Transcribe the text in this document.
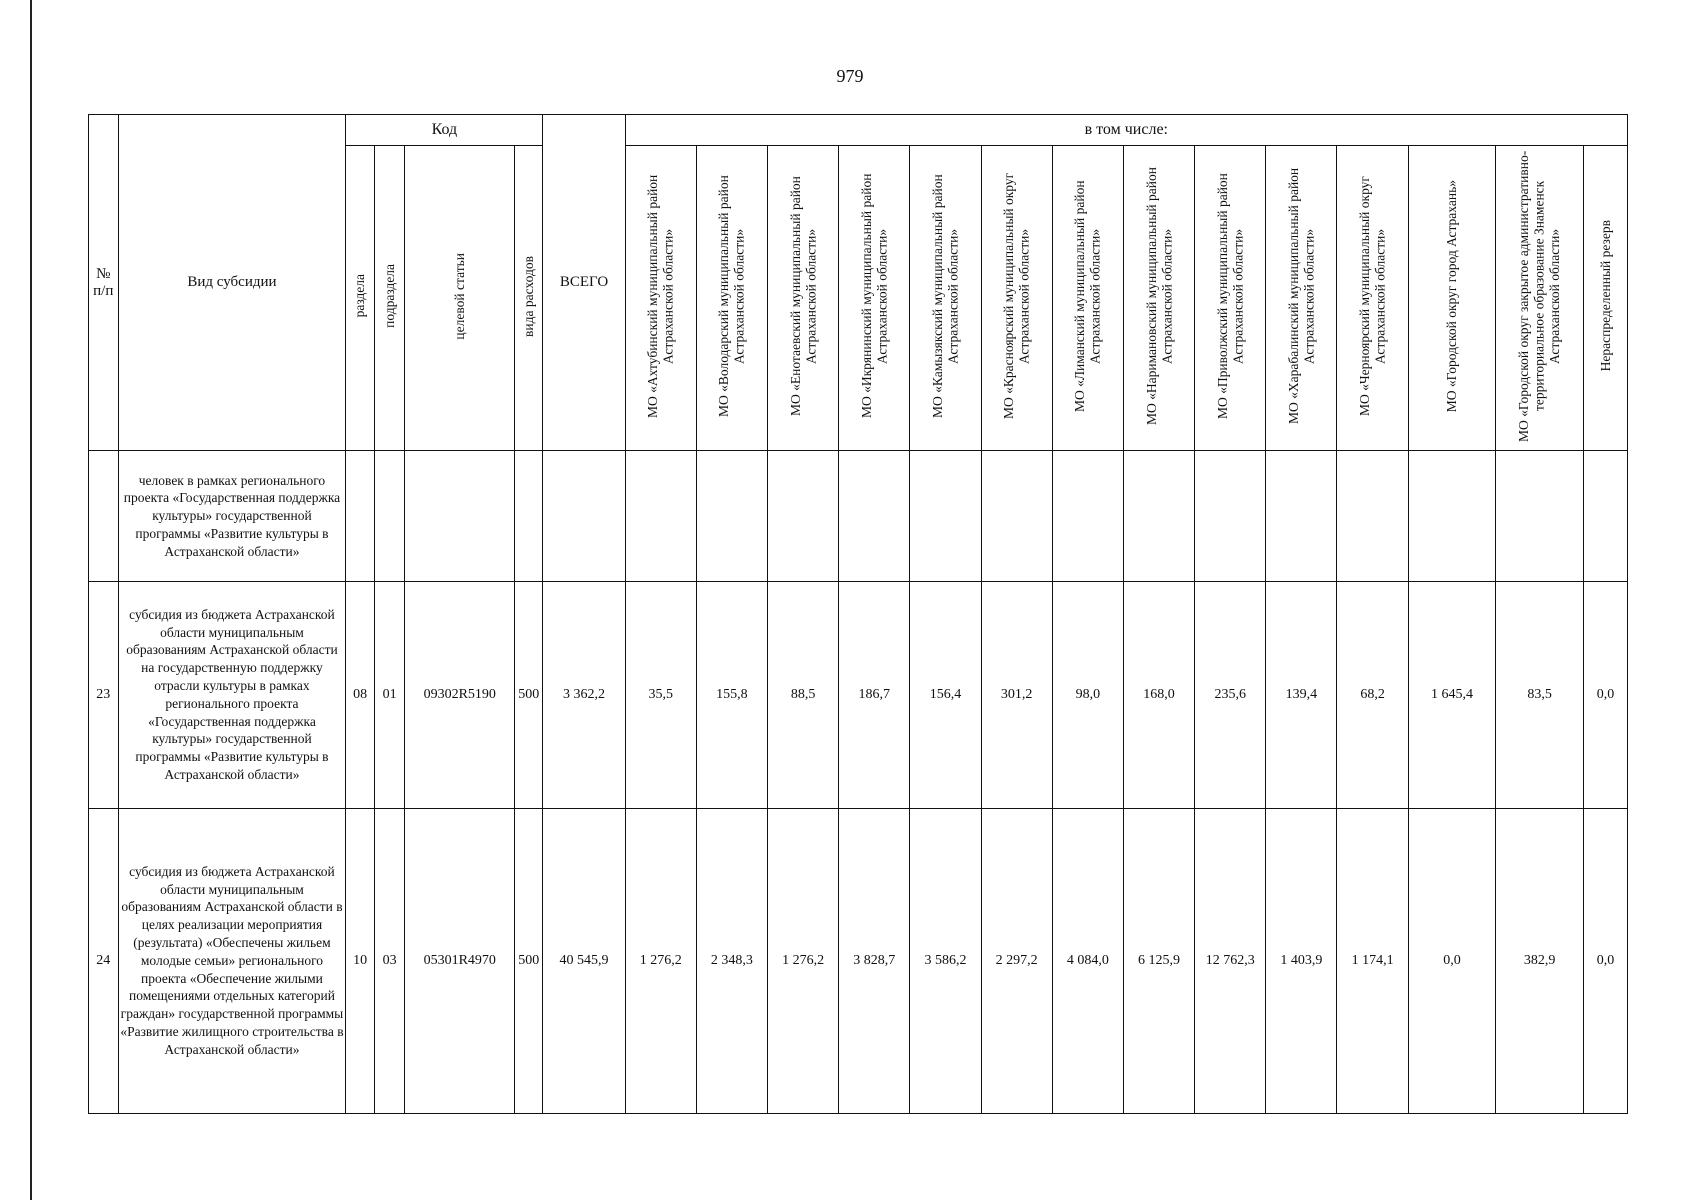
979
№ п/п	Вид субсидии	Код				ВСЕГО	в том числе:													
		раздела	подраздела	целевой статьи	вида расходов		МО «Ахтубинский муниципальный район Астраханской области»	МО «Володарский муниципальный район Астраханской области»	МО «Енотаевский муниципальный район Астраханской области»	МО «Икрянинский муниципальный район Астраханской области»	МО «Камызякский муниципальный район Астраханской области»	МО «Красноярский муниципальный округ Астраханской области»	МО «Лиманский муниципальный район Астраханской области»	МО «Наримановский муниципальный район Астраханской области»	МО «Приволжский муниципальный район Астраханской области»	МО «Харабалинский муниципальный район Астраханской области»	МО «Черноярский муниципальный округ Астраханской области»	МО «Городской округ город Астрахань»	МО «Городской округ закрытое административно-территориальное образование Знаменск Астраханской области»	Нераспределенный резерв
	человек в рамках регионального проекта «Государственная поддержка культуры» государственной программы «Развитие культуры в Астраханской облаcти»																			
23	субсидия из бюджета Астраханской области муниципальным образованиям Астраханской области на государственную поддержку отрасли культуры в рамках регионального проекта «Государственная поддержка культуры» государственной программы «Развитие культуры в Астраханской области»	08	01	09302R5190	500	3 362,2	35,5	155,8	88,5	186,7	156,4	301,2	98,0	168,0	235,6	139,4	68,2	1 645,4	83,5	0,0
24	субсидия из бюджета Астраханской области муниципальным образованиям Астраханской области в целях реализации мероприятия (результата) «Обеспечены жильем молодые семьи» регионального проекта «Обеспечение жилыми помещениями отдельных категорий граждан» государственной программы «Развитие жилищного строительства в Астраханской области»	10	03	05301R4970	500	40 545,9	1 276,2	2 348,3	1 276,2	3 828,7	3 586,2	2 297,2	4 084,0	6 125,9	12 762,3	1 403,9	1 174,1	0,0	382,9	0,0
